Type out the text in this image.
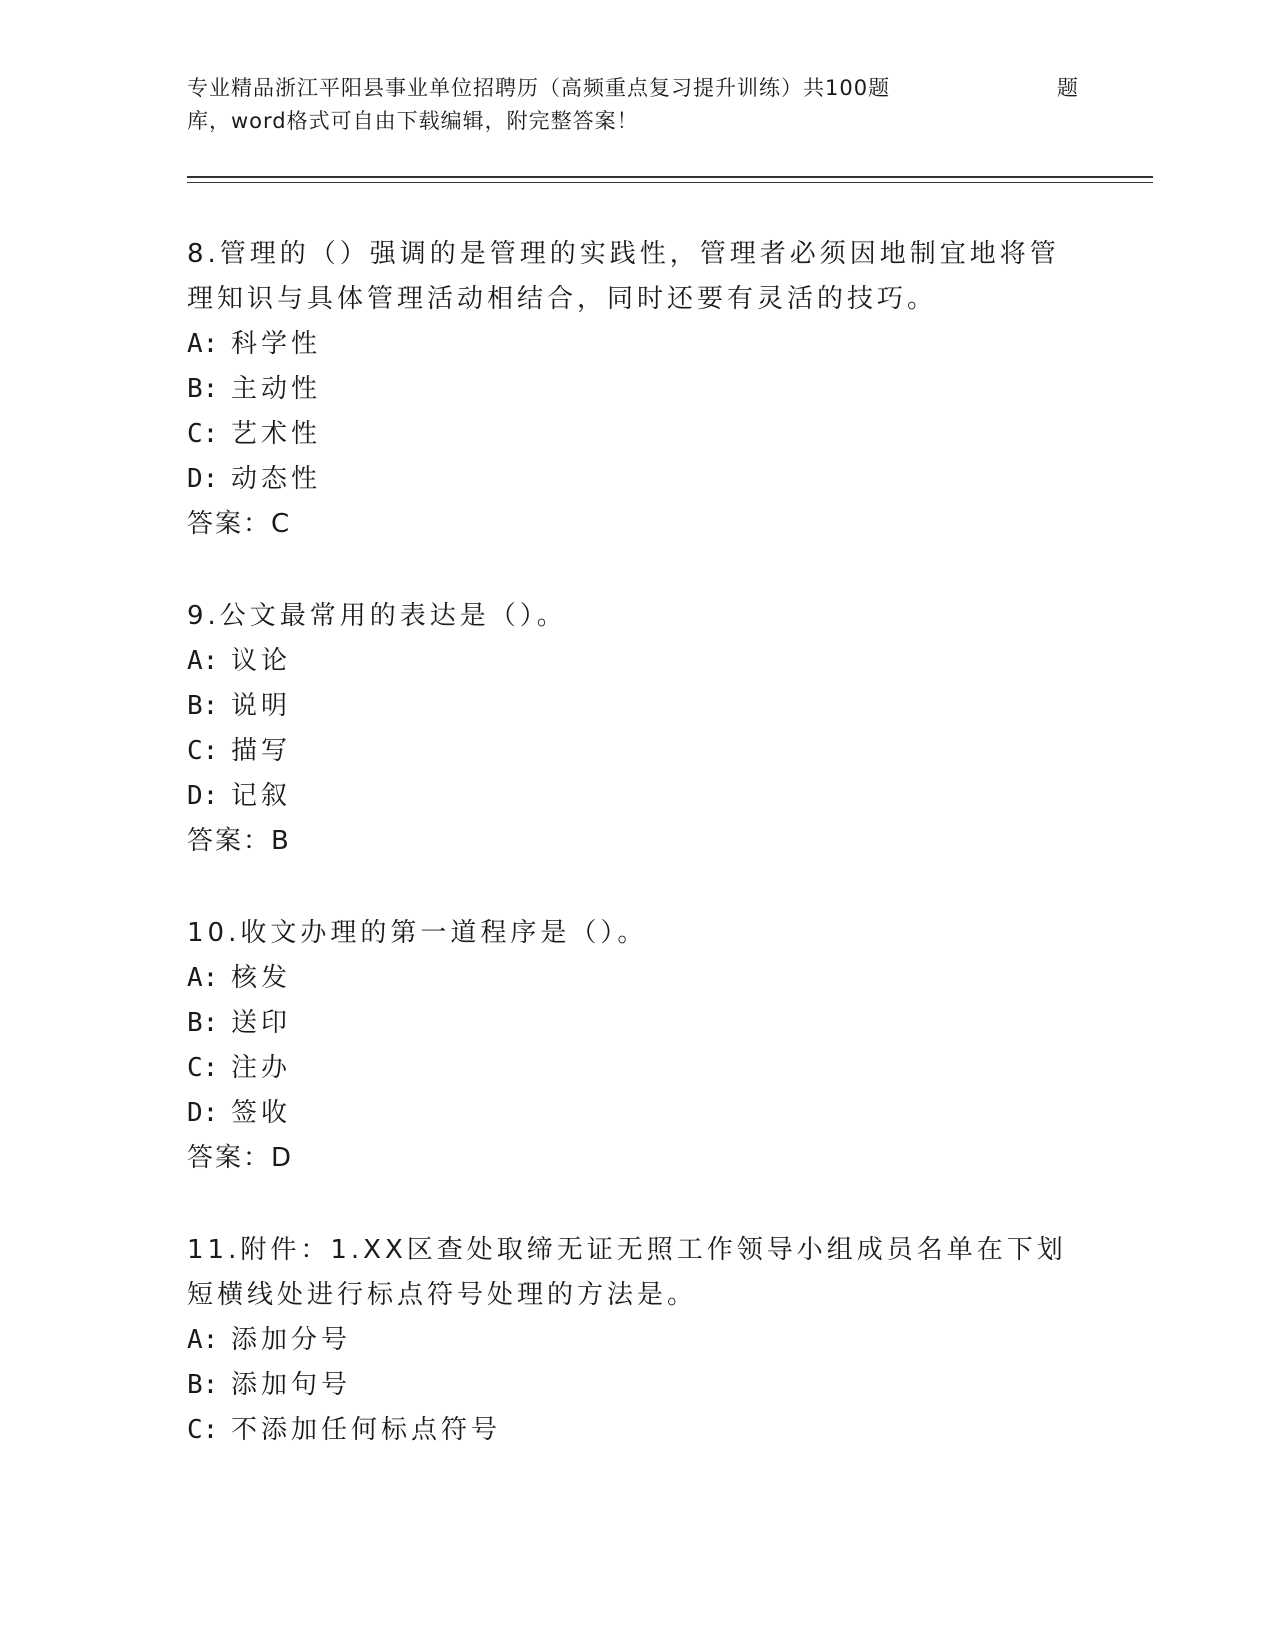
专业精品浙江平阳县事业单位招聘历（高频重点复习提升训练）共100题	题
库，word格式可自由下载编辑，附完整答案！

8.管理的（）强调的是管理的实践性，管理者必须因地制宜地将管理知识与具体管理活动相结合，同时还要有灵活的技巧。

A: 科学性
B: 主动性
C: 艺术性
D: 动态性
答案：C

9.公文最常用的表达是（）。

A: 议论
B: 说明
C: 描写
D: 记叙
答案：B

10.收文办理的第一道程序是（）。

A: 核发
B: 送印
C: 注办
D: 签收
答案：D

11.附件：1.XX区查处取缔无证无照工作领导小组成员名单在下划短横线处进行标点符号处理的方法是。

A: 添加分号
B: 添加句号
C: 不添加任何标点符号
